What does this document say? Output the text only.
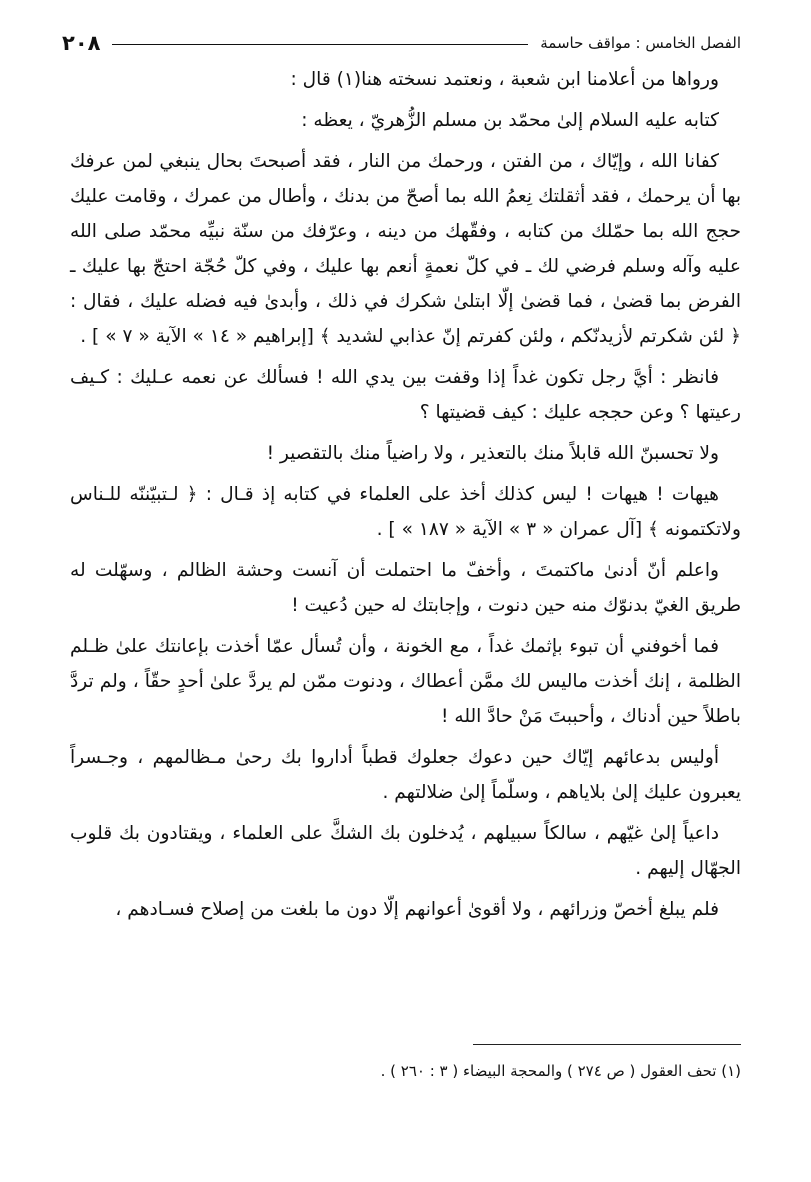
الفصل الخامس : مواقف حاسمة
٢٠٨

ورواها من أعلامنا ابن شعبة ، ونعتمد نسخته هنا(١) قال :

كتابه عليه السلام إلىٰ محمّد بن مسلم الزُّهريّ ، يعظه :

كفانا الله ، وإيّاك ، من الفتن ، ورحمك من النار ، فقد أصبحتَ بحال ينبغي لمن عرفك بها أن يرحمك ، فقد أثقلتك نِعمُ الله بما أصحّ من بدنك ، وأطال من عمرك ، وقامت عليك حجج الله بما حمّلك من كتابه ، وفقّهك من دينه ، وعرّفك من سنّة نبيِّه محمّد صلى الله عليه وآله وسلم فرضي لك ـ في كلّ نعمةٍ أنعم بها عليك ، وفي كلّ حُجّة احتجّ بها عليك ـ الفرض بما قضىٰ ، فما قضىٰ إلّا ابتلىٰ شكرك في ذلك ، وأبدىٰ فيه فضله عليك ، فقال : ﴿ لئن شكرتم لأزيدنّكم ، ولئن كفرتم إنّ عذابي لشديد ﴾ [إبراهيم « ١٤ » الآية « ٧ » ] .

فانظر : أيَّ رجل تكون غداً إذا وقفت بين يدي الله ! فسألك عن نعمه عـليك : كـيف رعيتها ؟ وعن حججه عليك : كيف قضيتها ؟

ولا تحسبنّ الله قابلاً منك بالتعذير ، ولا راضياً منك بالتقصير !

هيهات ! هيهات ! ليس كذلك أخذ على العلماء في كتابه إذ قـال : ﴿ لـتبيّننّه للـناس ولاتكتمونه ﴾ [آل عمران « ٣ » الآية « ١٨٧ » ] .

واعلم أنّ أدنىٰ ماكتمتَ ، وأخفّ ما احتملت أن آنست وحشة الظالم ، وسهّلت له طريق الغيّ بدنوّك منه حين دنوت ، وإجابتك له حين دُعيت !

فما أخوفني أن تبوء بإثمك غداً ، مع الخونة ، وأن تُسأل عمّا أخذت بإعانتك علىٰ ظـلم الظلمة ، إنك أخذت ماليس لك ممَّن أعطاك ، ودنوت ممّن لم يردَّ علىٰ أحدٍ حقّاً ، ولم تردَّ باطلاً حين أدناك ، وأحببتَ مَنْ حادَّ الله !

أوليس بدعائهم إيّاك حين دعوك جعلوك قطباً أداروا بك رحىٰ مـظالمهم ، وجـسراً يعبرون عليك إلىٰ بلاياهم ، وسلّماً إلىٰ ضلالتهم .

داعياً إلىٰ غيّهم ، سالكاً سبيلهم ، يُدخلون بك الشكَّ على العلماء ، ويقتادون بك قلوب الجهّال إليهم .

فلم يبلغ أخصّ وزرائهم ، ولا أقوىٰ أعوانهم إلّا دون ما بلغت من إصلاح فسـادهم ،

(١) تحف العقول ( ص ٢٧٤ ) والمحجة البيضاء ( ٣ : ٢٦٠ ) .
